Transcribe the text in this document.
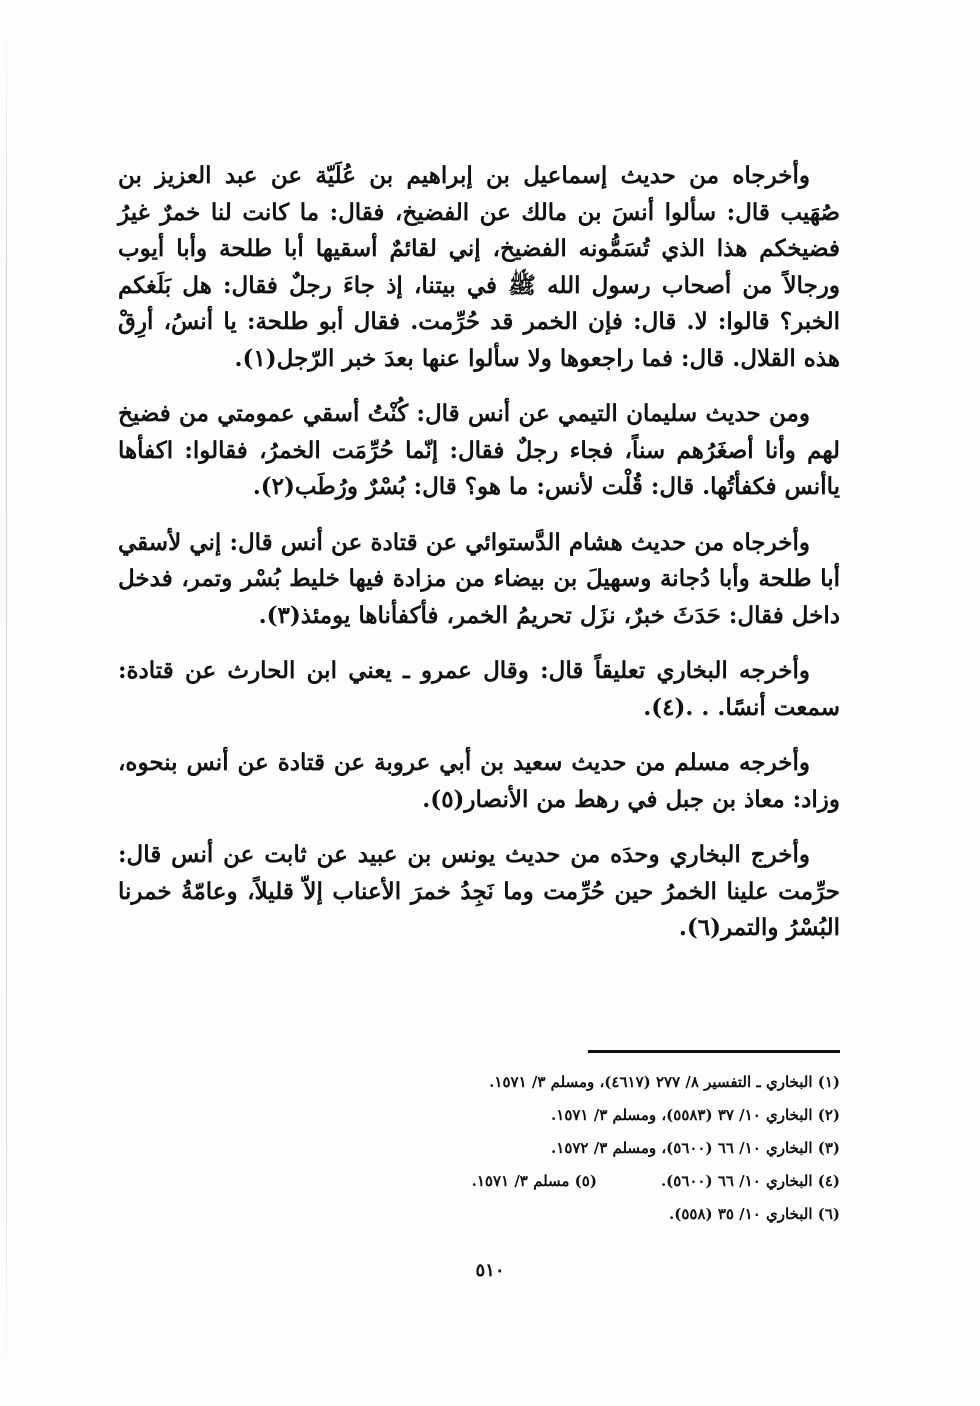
وأخرجاه من حديث إسماعيل بن إبراهيم بن عُلَيّة عن عبد العزيز بن صُهَيب قال: سألوا أنسَ بن مالك عن الفضيخ، فقال: ما كانت لنا خمرٌ غيرُ فضيخكم هذا الذي تُسَمُّونه الفضيخ، إني لقائمٌ أسقيها أبا طلحة وأبا أيوب ورجالاً من أصحاب رسول الله ﷺ في بيتنا، إذ جاءَ رجلٌ فقال: هل بَلَغكم الخبر؟ قالوا: لا. قال: فإن الخمر قد حُرِّمت. فقال أبو طلحة: يا أنسُ، أرِقْ هذه القلال. قال: فما راجعوها ولا سألوا عنها بعدَ خبر الرّجل(١).

ومن حديث سليمان التيمي عن أنس قال: كُنْتُ أسقي عمومتي من فضيخ لهم وأنا أصغَرُهم سناً، فجاء رجلٌ فقال: إنّما حُرِّمَت الخمرُ، فقالوا: اكفأها ياأنس فكفأتُها. قال: قُلْت لأنس: ما هو؟ قال: بُسْرٌ ورُطَب(٢).

وأخرجاه من حديث هشام الدَّستوائي عن قتادة عن أنس قال: إني لأسقي أبا طلحة وأبا دُجانة وسهيلَ بن بيضاء من مزادة فيها خليط بُسْر وتمر، فدخل داخل فقال: حَدَثَ خبرٌ، نزَل تحريمُ الخمر، فأكفأناها يومئذ(٣).

وأخرجه البخاري تعليقاً قال: وقال عمرو ـ يعني ابن الحارث عن قتادة: سمعت أنسًا. . .(٤).

وأخرجه مسلم من حديث سعيد بن أبي عروبة عن قتادة عن أنس بنحوه، وزاد: معاذ بن جبل في رهط من الأنصار(٥).

وأخرج البخاري وحدَه من حديث يونس بن عبيد عن ثابت عن أنس قال: حرِّمت علينا الخمرُ حين حُرِّمت وما نَجِدُ خمرَ الأعناب إلاّ قليلاً، وعامّةُ خمرنا البُسْرُ والتمر(٦).

(١) البخاري ـ التفسير ٨/ ٢٧٧ (٤٦١٧)، ومسلم ٣/ ١٥٧١.
(٢) البخاري ١٠/ ٣٧ (٥٥٨٣)، ومسلم ٣/ ١٥٧١.
(٣) البخاري ١٠/ ٦٦ (٥٦٠٠)، ومسلم ٣/ ١٥٧٢.
(٤) البخاري ١٠/ ٦٦ (٥٦٠٠).
(٥) مسلم ٣/ ١٥٧١.
(٦) البخاري ١٠/ ٣٥ (٥٥٨).
٥١٠
